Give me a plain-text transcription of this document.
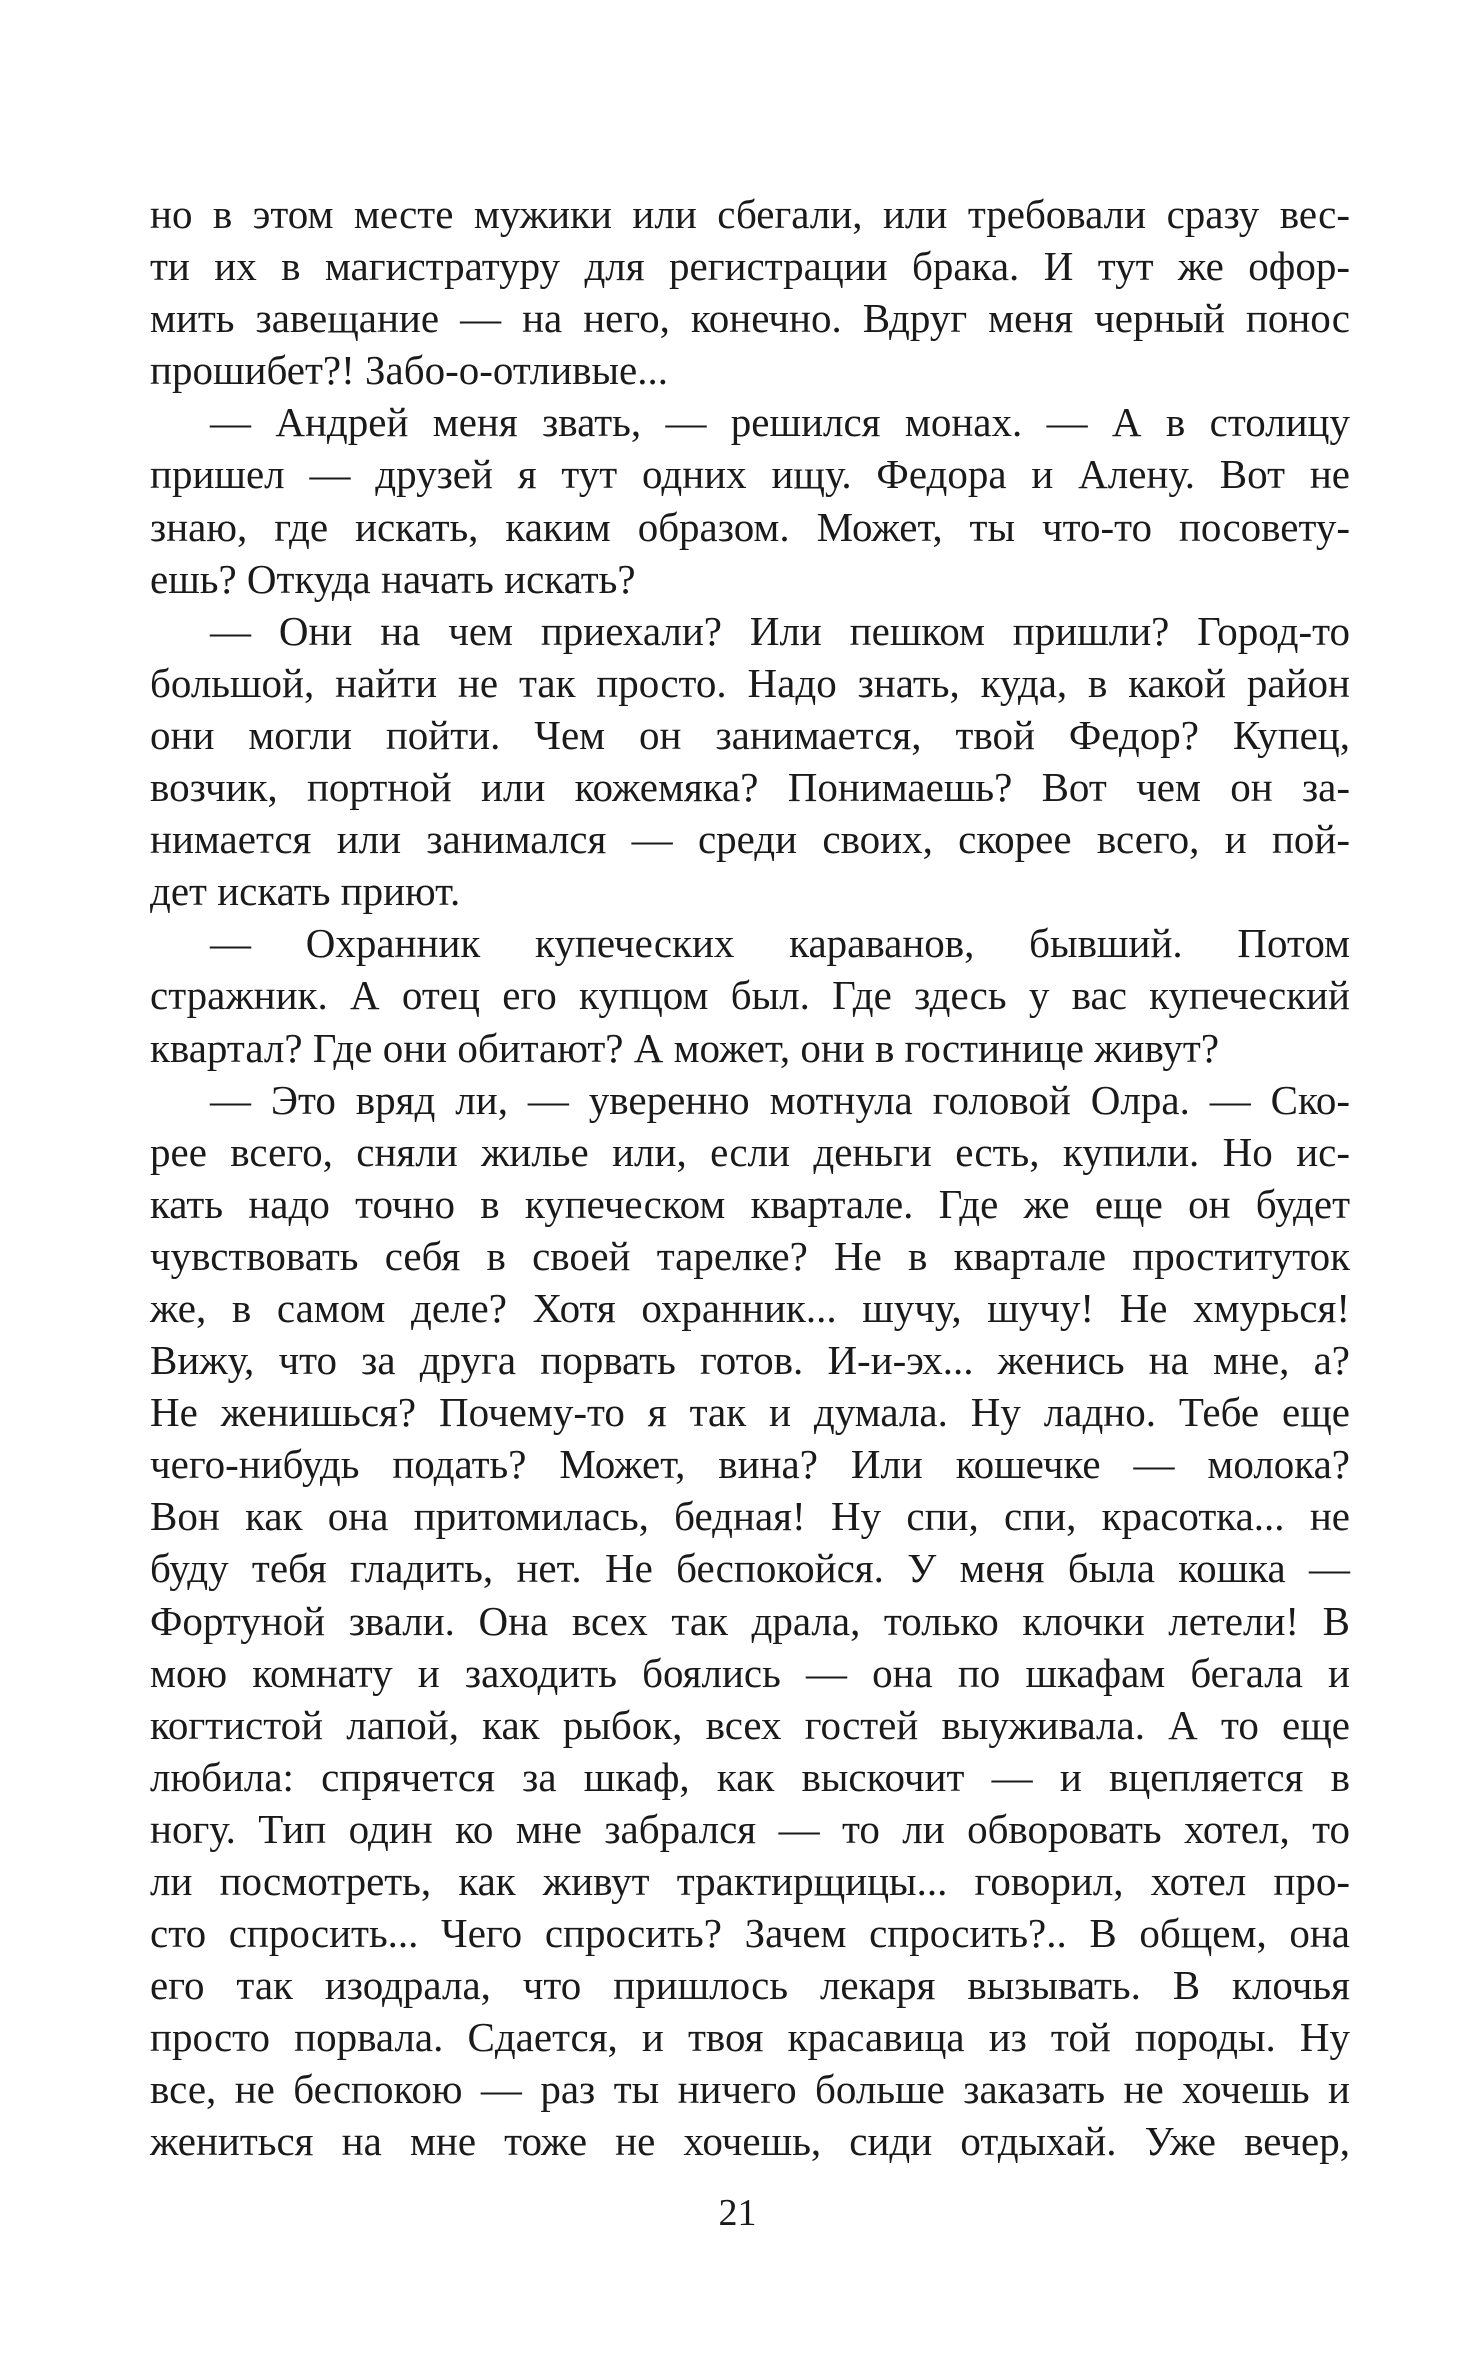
но в этом месте мужики или сбегали, или требовали сразу вес-
ти их в магистратуру для регистрации брака. И тут же офор-
мить завещание — на него, конечно. Вдруг меня черный понос
прошибет?! Забо-о-отливые...
— Андрей меня звать, — решился монах. — А в столицу
пришел — друзей я тут одних ищу. Федора и Алену. Вот не
знаю, где искать, каким образом. Может, ты что-то посовету-
ешь? Откуда начать искать?
— Они на чем приехали? Или пешком пришли? Город-то
большой, найти не так просто. Надо знать, куда, в какой район
они могли пойти. Чем он занимается, твой Федор? Купец,
возчик, портной или кожемяка? Понимаешь? Вот чем он за-
нимается или занимался — среди своих, скорее всего, и пой-
дет искать приют.
— Охранник купеческих караванов, бывший. Потом
стражник. А отец его купцом был. Где здесь у вас купеческий
квартал? Где они обитают? А может, они в гостинице живут?
— Это вряд ли, — уверенно мотнула головой Олра. — Ско-
рее всего, сняли жилье или, если деньги есть, купили. Но ис-
кать надо точно в купеческом квартале. Где же еще он будет
чувствовать себя в своей тарелке? Не в квартале проституток
же, в самом деле? Хотя охранник... шучу, шучу! Не хмурься!
Вижу, что за друга порвать готов. И-и-эх... женись на мне, а?
Не женишься? Почему-то я так и думала. Ну ладно. Тебе еще
чего-нибудь подать? Может, вина? Или кошечке — молока?
Вон как она притомилась, бедная! Ну спи, спи, красотка... не
буду тебя гладить, нет. Не беспокойся. У меня была кошка —
Фортуной звали. Она всех так драла, только клочки летели! В
мою комнату и заходить боялись — она по шкафам бегала и
когтистой лапой, как рыбок, всех гостей выуживала. А то еще
любила: спрячется за шкаф, как выскочит — и вцепляется в
ногу. Тип один ко мне забрался — то ли обворовать хотел, то
ли посмотреть, как живут трактирщицы... говорил, хотел про-
сто спросить... Чего спросить? Зачем спросить?.. В общем, она
его так изодрала, что пришлось лекаря вызывать. В клочья
просто порвала. Сдается, и твоя красавица из той породы. Ну
все, не беспокою — раз ты ничего больше заказать не хочешь и
жениться на мне тоже не хочешь, сиди отдыхай. Уже вечер,
21
